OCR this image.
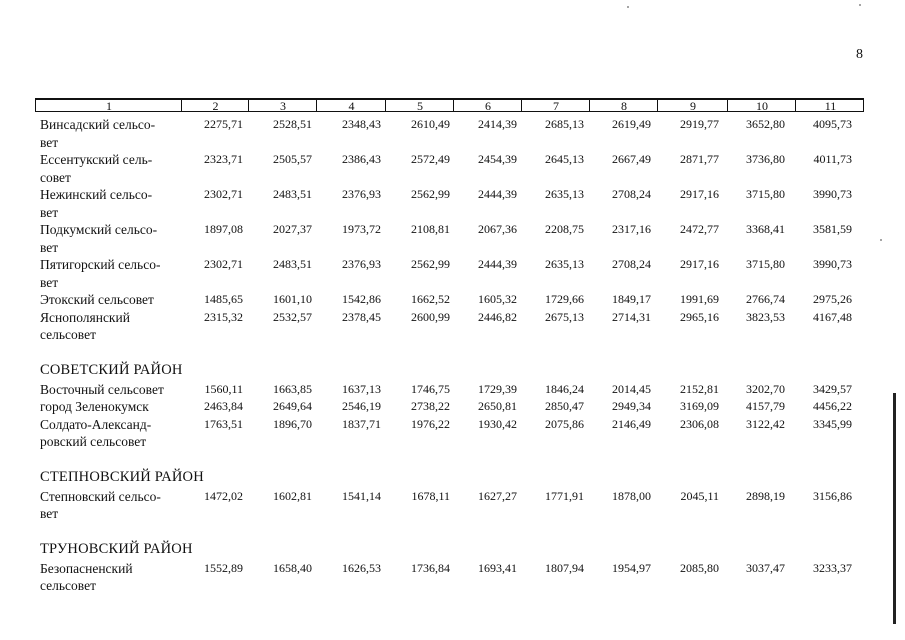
8
1	2	3	4	5	6	7	8	9	10	11
Винсадский сельсо-
вет
2275,71	2528,51	2348,43	2610,49 2414,39 2685,13 2619,49 2919,77 3652,80 4095,73
Ессентукский сель-
совет
2323,71	2505,57	2386,43	2572,49 2454,39 2645,13 2667,49 2871,77 3736,80 4011,73
Нежинский сельсо-
вет
2302,71	2483,51	2376,93	2562,99 2444,39 2635,13 2708,24 2917,16 3715,80 3990,73
Подкумский сельсо-
вет
1897,08	2027,37	1973,72	2108,81 2067,36 2208,75 2317,16 2472,77 3368,41 3581,59
Пятигорский сельсо-
вет
2302,71	2483,51	2376,93	2562,99 2444,39 2635,13 2708,24 2917,16 3715,80 3990,73
Этокский сельсовет	1485,65	1601,10	1542,86	1662,52 1605,32 1729,66 1849,17 1991,69 2766,74 2975,26
Яснополянский
сельсовет
2315,32	2532,57	2378,45	2600,99 2446,82 2675,13 2714,31 2965,16 3823,53 4167,48
СОВЕТСКИЙ РАЙОН
Восточный сельсовет	1560,11	1663,85	1637,13	1746,75 1729,39 1846,24 2014,45 2152,81 3202,70 3429,57
город Зеленокумск	2463,84	2649,64	2546,19	2738,22 2650,81 2850,47 2949,34 3169,09 4157,79 4456,22
Солдато-Александ-
ровский сельсовет
1763,51	1896,70	1837,71	1976,22 1930,42 2075,86 2146,49 2306,08 3122,42 3345,99
СТЕПНОВСКИЙ РАЙОН
Степновский сельсо-
вет
1472,02	1602,81	1541,14	1678,11 1627,27 1771,91 1878,00 2045,11 2898,19 3156,86
ТРУНОВСКИЙ РАЙОН
Безопасненский
сельсовет
1552,89	1658,40	1626,53	1736,84 1693,41 1807,94 1954,97 2085,80 3037,47 3233,37
